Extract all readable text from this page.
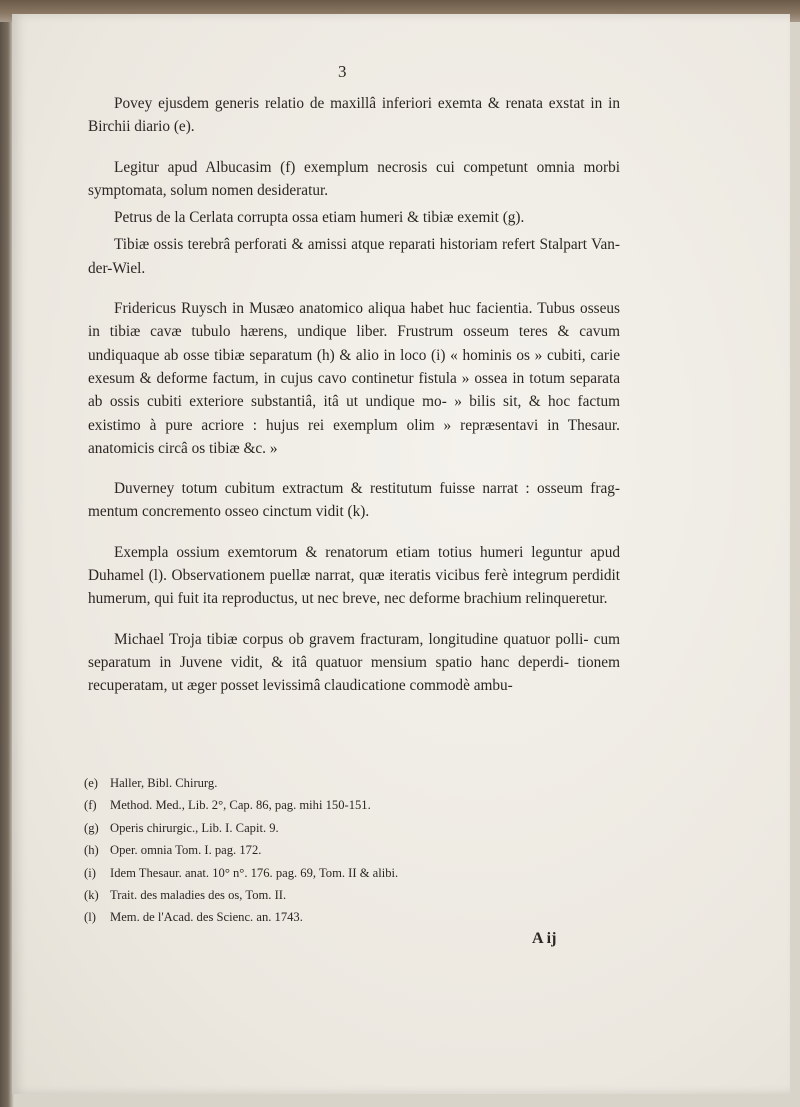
3

Povey ejusdem generis relatio de maxillâ inferiori exemta & renata exstat in in Birchii diario (e).

Legitur apud Albucasim (f) exemplum necrosis cui competunt omnia morbi symptomata, solum nomen desideratur.

Petrus de la Cerlata corrupta ossa etiam humeri & tibiæ exemit (g).

Tibiæ ossis terebrâ perforati & amissi atque reparati historiam refert Stalpart Van-der-Wiel.

Fridericus Ruysch in Musæo anatomico aliqua habet huc facientia. Tubus osseus in tibiæ cavæ tubulo hærens, undique liber. Frustrum osseum teres & cavum undiquaque ab osse tibiæ separatum (h) & alio in loco (i) « hominis os » cubiti, carie exesum & deforme factum, in cujus cavo continetur fistula » ossea in totum separata ab ossis cubiti exteriore substantiâ, itâ ut undique mo- » bilis sit, & hoc factum existimo à pure acriore : hujus rei exemplum olim » repræsentavi in Thesaur. anatomicis circâ os tibiæ &c. »

Duverney totum cubitum extractum & restitutum fuisse narrat : osseum frag- mentum concremento osseo cinctum vidit (k).

Exempla ossium exemtorum & renatorum etiam totius humeri leguntur apud Duhamel (l). Observationem puellæ narrat, quæ iteratis vicibus ferè integrum perdidit humerum, qui fuit ita reproductus, ut nec breve, nec deforme brachium relinqueretur.

Michael Troja tibiæ corpus ob gravem fracturam, longitudine quatuor polli- cum separatum in Juvene vidit, & itâ quatuor mensium spatio hanc deperdi- tionem recuperatam, ut æger posset levissimâ claudicatione commodè ambu-

(e) Haller, Bibl. Chirurg.
(f) Method. Med., Lib. 2°, Cap. 86, pag. mihi 150-151.
(g) Operis chirurgic., Lib. I. Capit. 9.
(h) Oper. omnia Tom. I. pag. 172.
(i) Idem Thesaur. anat. 10° n°. 176. pag. 69, Tom. II & alibi.
(k) Trait. des maladies des os, Tom. II.
(l) Mem. de l'Acad. des Scienc. an. 1743.
A ij
